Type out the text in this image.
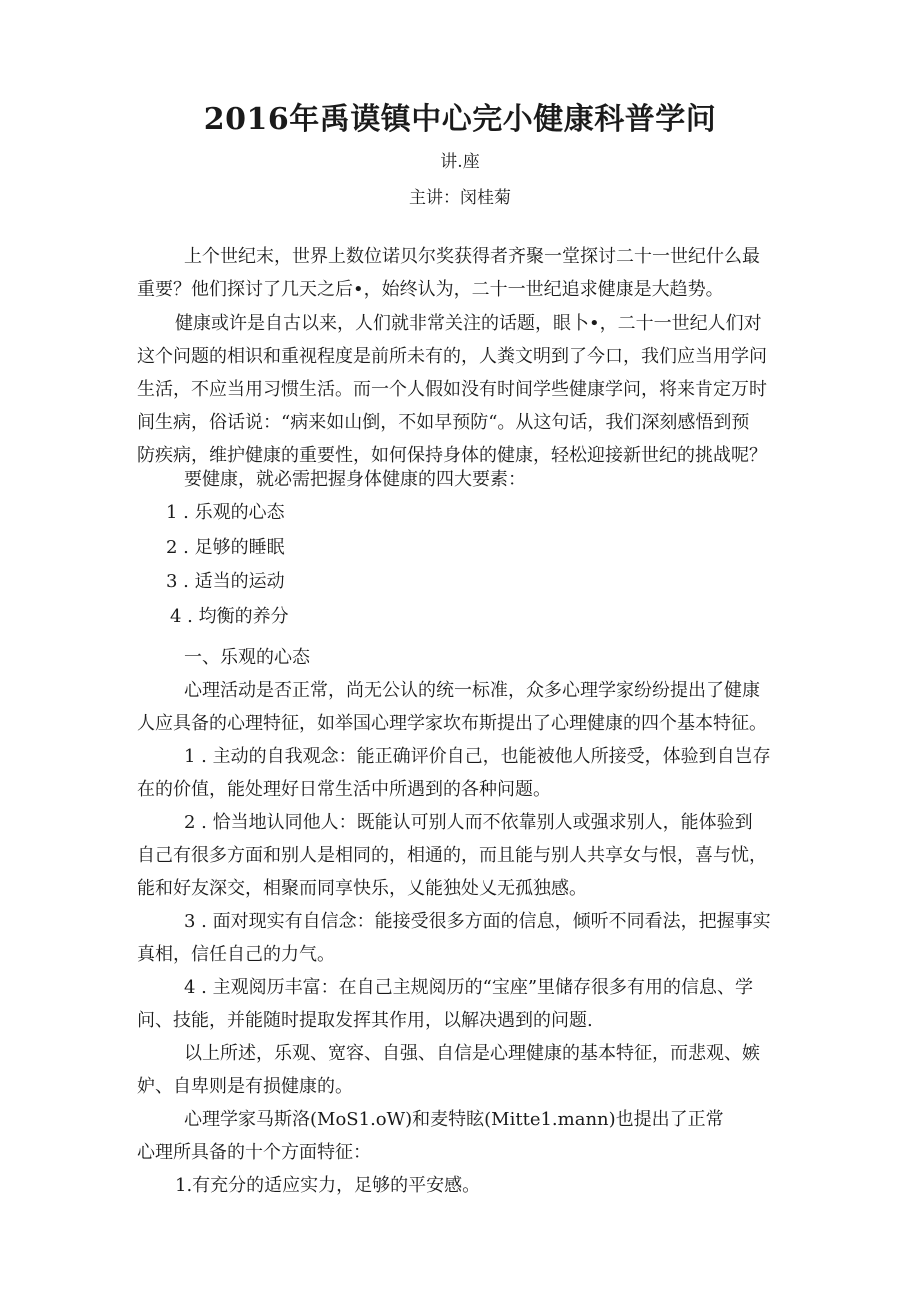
2016年禹谟镇中心完小健康科普学问
讲.座
主讲：闵桂菊
上个世纪末，世界上数位诺贝尔奖获得者齐聚一堂探讨二十一世纪什么最
重要？他们探讨了几天之后•，始终认为，二十一世纪追求健康是大趋势。
健康或许是自古以来，人们就非常关注的话题，眼卜•，二十一世纪人们对
这个问题的相识和重视程度是前所未有的，人粪文明到了今口，我们应当用学问
生活，不应当用习惯生活。而一个人假如没有时间学些健康学问，将来肯定万时
间生病，俗话说：“病来如山倒，不如早预防“。从这句话，我们深刻感悟到预
防疾病，维护健康的重要性，如何保持身体的健康，轻松迎接新世纪的挑战呢？
要健康，就必需把握身体健康的四大要素：
1 . 乐观的心态
2 . 足够的睡眠
3 . 适当的运动
4 . 均衡的养分
一、乐观的心态
心理活动是否正常，尚无公认的统一标准，众多心理学家纷纷提出了健康
人应具备的心理特征，如举国心理学家坎布斯提出了心理健康的四个基本特征。
1 . 主动的自我观念：能正确评价自己，也能被他人所接受，体验到自岂存
在的价值，能处理好日常生活中所遇到的各种问题。
2 . 恰当地认同他人：既能认可别人而不依靠别人或强求别人，能体验到
自己有很多方面和别人是相同的，相通的，而且能与别人共享女与恨，喜与忧，
能和好友深交，相聚而同享快乐，乂能独处乂无孤独感。
3 . 面对现实有自信念：能接受很多方面的信息，倾听不同看法，把握事实
真相，信任自己的力气。
4 . 主观阅历丰富：在自己主规阅历的“宝座”里储存很多有用的信息、学
问、技能，并能随时提取发挥其作用，以解决遇到的问题.
以上所述，乐观、宽容、自强、自信是心理健康的基本特征，而悲观、嫉
妒、自卑则是有损健康的。
心理学家马斯洛(MoS1.oW)和麦特眩(Mitte1.mann)也提出了正常
心理所具备的十个方面特征：
1.有充分的适应实力，足够的平安感。
